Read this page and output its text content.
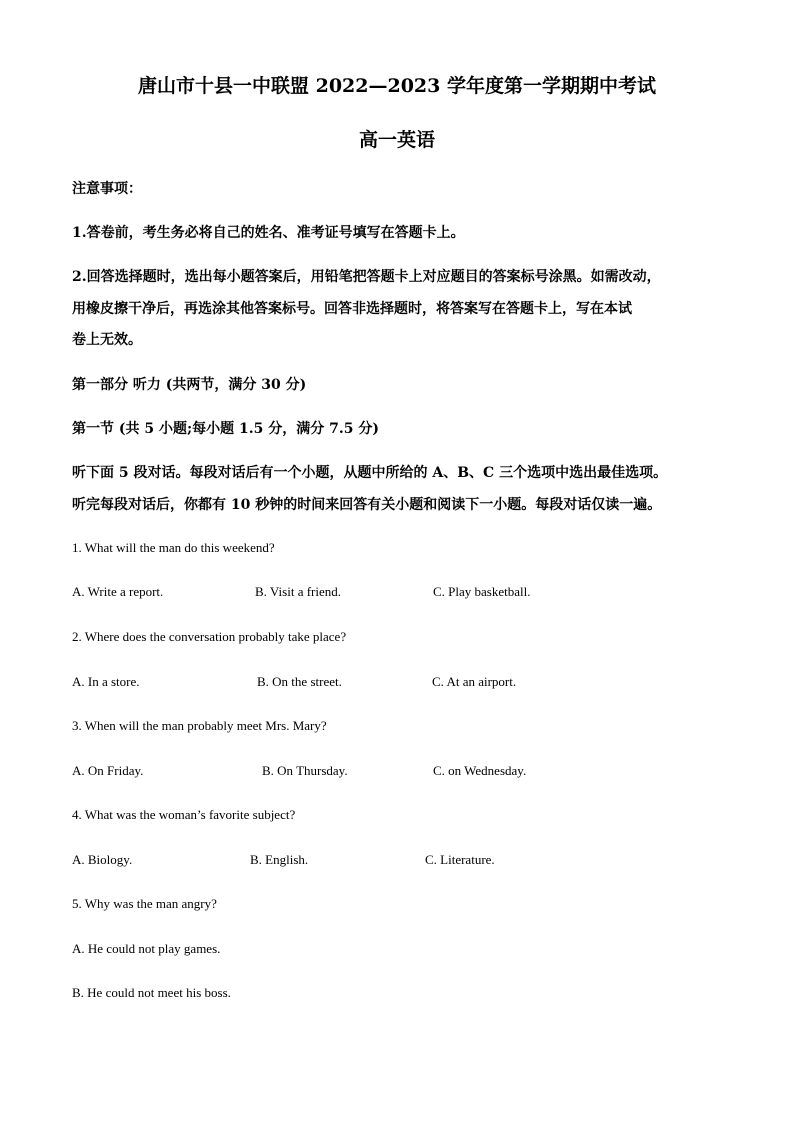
唐山市十县一中联盟 2022—2023 学年度第一学期期中考试
高一英语
注意事项：
1.答卷前，考生务必将自己的姓名、准考证号填写在答题卡上。
2.回答选择题时，选出每小题答案后，用铅笔把答题卡上对应题目的答案标号涂黑。如需改动，
用橡皮擦干净后，再选涂其他答案标号。回答非选择题时，将答案写在答题卡上，写在本试
卷上无效。
第一部分 听力 (共两节，满分 30 分)
第一节 (共 5 小题;每小题 1.5 分，满分 7.5 分)
听下面 5 段对话。每段对话后有一个小题，从题中所给的 A、B、C 三个选项中选出最佳选项。
听完每段对话后，你都有 10 秒钟的时间来回答有关小题和阅读下一小题。每段对话仅读一遍。
1. What will the man do this weekend?
A. Write a report.	B. Visit a friend.	C. Play basketball.
2. Where does the conversation probably take place?
A. In a store.	B. On the street.	C. At an airport.
3. When will the man probably meet Mrs. Mary?
A. On Friday.	B. On Thursday.	C. on Wednesday.
4. What was the woman’s favorite subject?
A. Biology.	B. English.	C. Literature.
5. Why was the man angry?
A. He could not play games.
B. He could not meet his boss.
